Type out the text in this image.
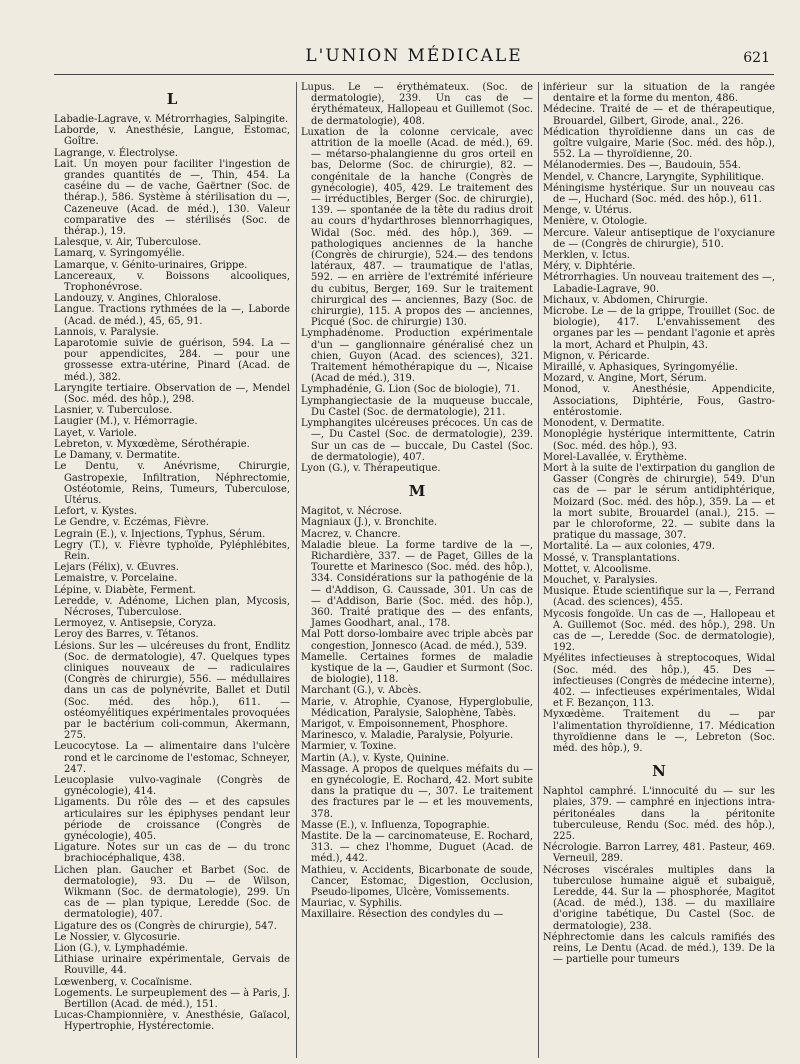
L'UNION MÉDICALE	621

L

Labadie-Lagrave, v. Métrorrhagies, Salpingite.

Laborde, v. Anesthésie, Langue, Estomac, Goître.

Lagrange, v. Électrolyse.

Lait. Un moyen pour faciliter l'ingestion de grandes quantités de —, Thin, 454. La caséine du — de vache, Gaërtner (Soc. de thérap.), 586. Système à stérilisation du —, Cazeneuve (Acad. de méd.), 130. Valeur comparative des — stérilisés (Soc. de thérap.), 19.

Lalesque, v. Air, Tuberculose.

Lamarq, v. Syringomyélie.

Lamarque, v. Génito-urinaires, Grippe.

Lancereaux, v. Boissons alcooliques, Trophonévrose.

Landouzy, v. Angines, Chloralose.

Langue. Tractions rythmées de la —, Laborde (Acad. de méd.), 45, 65, 91.

Lannois, v. Paralysie.

Laparotomie suivie de guérison, 594. La — pour appendicites, 284. — pour une grossesse extra-utérine, Pinard (Acad. de méd.), 382.

Laryngite tertiaire. Observation de —, Mendel (Soc. méd. des hôp.), 298.

Lasnier, v. Tuberculose.

Laugier (M.), v. Hémorragie.

Layet, v. Variole.

Lebreton, v. Myxœdème, Sérothérapie.

Le Damany, v. Dermatite.

Le Dentu, v. Anévrisme, Chirurgie, Gastropexie, Infiltration, Néphrectomie, Ostéotomie, Reins, Tumeurs, Tuberculose, Utérus.

Lefort, v. Kystes.

Le Gendre, v. Eczémas, Fièvre.

Legrain (E.), v. Injections, Typhus, Sérum.

Legry (T.), v. Fièvre typhoïde, Pyléphlébites, Rein.

Lejars (Félix), v. Œuvres.

Lemaistre, v. Porcelaine.

Lépine, v. Diabète, Ferment.

Leredde, v. Adénome, Lichen plan, Mycosis, Nécroses, Tuberculose.

Lermoyez, v. Antisepsie, Coryza.

Leroy des Barres, v. Tétanos.

Lésions. Sur les — ulcéreuses du front, Endlitz (Soc. de dermatologie), 47. Quelques types cliniques nouveaux de — radiculaires (Congrès de chirurgie), 556. — médullaires dans un cas de polynévrite, Ballet et Dutil (Soc. méd. des hôp.), 611. — ostéomyélitiques expérimentales provoquées par le bactérium coli-commun, Akermann, 275.

Leucocytose. La — alimentaire dans l'ulcère rond et le carcinome de l'estomac, Schneyer, 247.

Leucoplasie vulvo-vaginale (Congrès de gynécologie), 414.

Ligaments. Du rôle des — et des capsules articulaires sur les épiphyses pendant leur période de croissance (Congrès de gynécologie), 405.

Ligature. Notes sur un cas de — du tronc brachiocéphalique, 438.

Lichen plan. Gaucher et Barbet (Soc. de dermatologie), 93. Du — de Wilson, Wikmann (Soc. de dermatologie), 299. Un cas de — plan typique, Leredde (Soc. de dermatologie), 407.

Ligature des os (Congrès de chirurgie), 547.

Le Nossier, v. Glycosurie.

Lion (G.), v. Lymphadémie.

Lithiase urinaire expérimentale, Gervais de Rouville, 44.

Lœwenberg, v. Cocaïnisme.

Logements. Le surpeuplement des — à Paris, J. Bertillon (Acad. de méd.), 151.

Lucas-Championnière, v. Anesthésie, Gaïacol, Hypertrophie, Hystérectomie.

Lupus. Le — érythémateux. (Soc. de dermatologie), 239. Un cas de — érythémateux, Hallopeau et Guillemot (Soc. de dermatologie), 408.

Luxation de la colonne cervicale, avec attrition de la moelle (Acad. de méd.), 69. — métarso-phalangienne du gros orteil en bas, Delorme (Soc. de chirurgie), 82. — congénitale de la hanche (Congrès de gynécologie), 405, 429. Le traitement des — irréductibles, Berger (Soc. de chirurgie), 139. — spontanée de la tête du radius droit au cours d'hydarthroses blennorrhagiques, Widal (Soc. méd. des hôp.), 369. — pathologiques anciennes de la hanche (Congrès de chirurgie), 524.— des tendons latéraux, 487. — traumatique de l'atlas, 592. — en arrière de l'extrémité inférieure du cubitus, Berger, 169. Sur le traitement chirurgical des — anciennes, Bazy (Soc. de chirurgie), 115. A propos des — anciennes, Picqué (Soc. de chirurgie) 130.

Lymphadénome. Production expérimentale d'un — ganglionnaire généralisé chez un chien, Guyon (Acad. des sciences), 321. Traitement hémothérapique du —, Nicaise (Acad de méd.), 319.

Lymphadénie, G. Lion (Soc de biologie), 71.

Lymphangiectasie de la muqueuse buccale, Du Castel (Soc. de dermatologie), 211.

Lymphangites ulcéreuses précoces. Un cas de —, Du Castel (Soc. de dermatologie), 239. Sur un cas de — buccale, Du Castel (Soc. de dermatologie), 407.

Lyon (G.), v. Thérapeutique.

M

Magitot, v. Nécrose.

Magniaux (J.), v. Bronchite.

Macrez, v. Chancre.

Maladie bleue. La forme tardive de la —, Richardière, 337. — de Paget, Gilles de la Tourette et Marinesco (Soc. méd. des hôp.), 334. Considérations sur la pathogénie de la — d'Addison, G. Caussade, 301. Un cas de — d'Addison, Barie (Soc. méd. des hôp.), 360. Traité pratique des — des enfants, James Goodhart, anal., 178.

Mal Pott dorso-lombaire avec triple abcès par congestion, Jonnesco (Acad. de méd.), 539.

Mamelle. Certaines formes de maladie kystique de la —, Gaudier et Surmont (Soc. de biologie), 118.

Marchant (G.), v. Abcès.

Marie, v. Atrophie, Cyanose, Hyperglobulie, Médication, Paralysie, Salophène, Tabès.

Marigot, v. Empoisonnement, Phosphore.

Marinesco, v. Maladie, Paralysie, Polyurie.

Marmier, v. Toxine.

Martin (A.), v. Kyste, Quinine.

Massage. A propos de quelques méfaits du — en gynécologie, E. Rochard, 42. Mort subite dans la pratique du —, 307. Le traitement des fractures par le — et les mouvements, 378.

Masse (E.), v. Influenza, Topographie.

Mastite. De la — carcinomateuse, E. Rochard, 313. — chez l'homme, Duguet (Acad. de méd.), 442.

Mathieu, v. Accidents, Bicarbonate de soude, Cancer, Estomac, Digestion, Occlusion, Pseudo-lipomes, Ulcère, Vomissements.

Mauriac, v. Syphilis.

Maxillaire. Résection des condyles du —

inférieur sur la situation de la rangée dentaire et la forme du menton, 486.

Médecine. Traité de — et de thérapeutique, Brouardel, Gilbert, Girode, anal., 226.

Médication thyroïdienne dans un cas de goître vulgaire, Marie (Soc. méd. des hôp.), 552. La — thyroïdienne, 20.

Mélanodermies. Des —, Baudouin, 554.

Mendel, v. Chancre, Laryngite, Syphilitique.

Méningisme hystérique. Sur un nouveau cas de —, Huchard (Soc. méd. des hôp.), 611.

Menge, v. Utérus.

Menière, v. Otologie.

Mercure. Valeur antiseptique de l'oxycianure de — (Congrès de chirurgie), 510.

Merklen, v. Ictus.

Méry, v. Diphtérie.

Métrorrhagies. Un nouveau traitement des —, Labadie-Lagrave, 90.

Michaux, v. Abdomen, Chirurgie.

Microbe. Le — de la grippe, Trouillet (Soc. de biologie), 417. L'envahissement des organes par les — pendant l'agonie et après la mort, Achard et Phulpin, 43.

Mignon, v. Péricarde.

Miraillé, v. Aphasiques, Syringomyélie.

Mozard, v. Angine, Mort, Sérum.

Monod, v. Anesthésie, Appendicite, Associations, Diphtérie, Fous, Gastro-entérostomie.

Monodent, v. Dermatite.

Monoplégie hystérique intermittente, Catrin (Soc. méd. des hôp.), 93.

Morel-Lavallée, v. Érythème.

Mort à la suite de l'extirpation du ganglion de Gasser (Congrès de chirurgie), 549. D'un cas de — par le sérum antidiphtérique, Moizard (Soc. méd. des hôp.), 359. La — et la mort subite, Brouardel (anal.), 215. — par le chloroforme, 22. — subite dans la pratique du massage, 307.

Mortalité. La — aux colonies, 479.

Mossé, v. Transplantations.

Mottet, v. Alcoolisme.

Mouchet, v. Paralysies.

Musique. Étude scientifique sur la —, Ferrand (Acad. des sciences), 455.

Mycosis fongoïde. Un cas de —, Hallopeau et A. Guillemot (Soc. méd. des hôp.), 298. Un cas de —, Leredde (Soc. de dermatologie), 192.

Myélites infectieuses à streptocoques, Widal (Soc. méd. des hôp.), 45. Des — infectieuses (Congrès de médecine interne), 402. — infectieuses expérimentales, Widal et F. Bezançon, 113.

Myxœdème. Traitement du — par l'alimentation thyroïdienne, 17. Médication thyroïdienne dans le —, Lebreton (Soc. méd. des hôp.), 9.

N

Naphtol camphré. L'innocuité du — sur les plaies, 379. — camphré en injections intra-péritonéales dans la péritonite tuberculeuse, Rendu (Soc. méd. des hôp.), 225.

Nécrologie. Barron Larrey, 481. Pasteur, 469. Verneuil, 289.

Nécroses viscérales multiples dans la tuberculose humaine aiguë et subaiguë, Leredde, 44. Sur la — phosphorée, Magitot (Acad. de méd.), 138. — du maxillaire d'origine tabétique, Du Castel (Soc. de dermatologie), 238.

Néphrectomie dans les calculs ramifiés des reins, Le Dentu (Acad. de méd.), 139. De la — partielle pour tumeurs
